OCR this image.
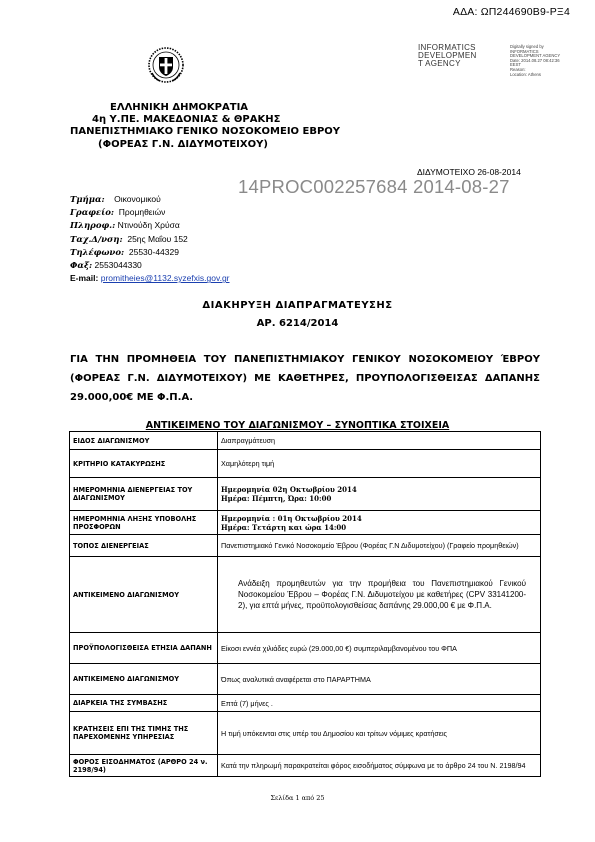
ΑΔΑ: ΩΠ244690Β9-ΡΞ4
INFORMATICS
DEVELOPMEN
T AGENCY
Digitally signed by
INFORMATICS
DEVELOPMENT AGENCY
Date: 2014.08.27 08:42:36
EEST
Reason:
Location: Athens
ΕΛΛΗΝΙΚΗ ΔΗΜΟΚΡΑΤΙΑ
4η Υ.ΠΕ. ΜΑΚΕΔΟΝΙΑΣ & ΘΡΑΚΗΣ
ΠΑΝΕΠΙΣΤΗΜΙΑΚΟ ΓΕΝΙΚΟ ΝΟΣΟΚΟΜΕΙΟ ΕΒΡΟΥ
(ΦΟΡΕΑΣ Γ.Ν. ΔΙΔΥΜΟΤΕΙΧΟΥ)
ΔΙΔΥΜΟΤΕΙΧΟ 26-08-2014
14PROC002257684 2014-08-27
Τμήμα: Οικονομικού
Γραφείο: Προμηθειών
Πληροφ.: Ντινούδη Χρύσα
Ταχ.Δ/νση: 25ης Μαΐου 152
Τηλέφωνο: 25530-44329
Φαξ: 2553044330
E-mail: promitheies@1132.syzefxis.gov.gr
ΔΙΑΚΗΡΥΞΗ ΔΙΑΠΡΑΓΜΑΤΕΥΣΗΣ
ΑΡ. 6214/2014
ΓΙΑ ΤΗΝ ΠΡΟΜΗΘΕΙΑ ΤΟΥ ΠΑΝΕΠΙΣΤΗΜΙΑΚΟΥ ΓΕΝΙΚΟΥ ΝΟΣΟΚΟΜΕΙΟΥ ΈΒΡΟΥ (ΦΟΡΕΑΣ Γ.Ν. ΔΙΔΥΜΟΤΕΙΧΟΥ) ΜΕ ΚΑΘΕΤΗΡΕΣ, ΠΡΟΥΠΟΛΟΓΙΣΘΕΙΣΑΣ ΔΑΠΑΝΗΣ 29.000,00€ ΜΕ Φ.Π.Α.
ΑΝΤΙΚΕΙΜΕΝΟ ΤΟΥ ΔΙΑΓΩΝΙΣΜΟΥ – ΣΥΝΟΠΤΙΚΑ ΣΤΟΙΧΕΙΑ
ΕΙΔΟΣ ΔΙΑΓΩΝΙΣΜΟΥ	Διαπραγμάτευση
ΚΡΙΤΗΡΙΟ ΚΑΤΑΚΥΡΩΣΗΣ	Χαμηλότερη τιμή
ΗΜΕΡΟΜΗΝΙΑ ΔΙΕΝΕΡΓΕΙΑΣ ΤΟΥ ΔΙΑΓΩΝΙΣΜΟΥ	Ημερομηνία 02η Οκτωβρίου 2014
Ημέρα: Πέμπτη, Ώρα: 10:00

ΗΜΕΡΟΜΗΝΙΑ ΛΗΞΗΣ ΥΠΟΒΟΛΗΣ ΠΡΟΣΦΟΡΩΝ	Ημερομηνία : 01η Οκτωβρίου 2014
Ημέρα: Τετάρτη και ώρα 14:00

ΤΟΠΟΣ ΔΙΕΝΕΡΓΕΙΑΣ	Πανεπιστημιακό Γενικό Νοσοκομείο Έβρου (Φορέας Γ.Ν Διδυμοτείχου) (Γραφείο προμηθειών)
ΑΝΤΙΚΕΙΜΕΝΟ ΔΙΑΓΩΝΙΣΜΟΥ	Ανάδειξη προμηθευτών για την προμήθεια του Πανεπιστημιακού Γενικού Νοσοκομείου Έβρου – Φορέας Γ.Ν. Διδυμοτείχου με καθετήρες (CPV 33141200-2), για επτά μήνες, προϋπολογισθείσας δαπάνης 29.000,00 € με Φ.Π.Α.
ΠΡΟΫΠΟΛΟΓΙΣΘΕΙΣΑ ΕΤΗΣΙΑ ΔΑΠΑΝΗ	Είκοσι εννέα χιλιάδες ευρώ (29.000,00 €) συμπεριλαμβανομένου του ΦΠΑ
ΑΝΤΙΚΕΙΜΕΝΟ ΔΙΑΓΩΝΙΣΜΟΥ	Όπως αναλυτικά αναφέρεται στο ΠΑΡΑΡΤΗΜΑ
ΔΙΑΡΚΕΙΑ ΤΗΣ ΣΥΜΒΑΣΗΣ	Επτά (7) μήνες .
ΚΡΑΤΗΣΕΙΣ ΕΠΙ ΤΗΣ ΤΙΜΗΣ ΤΗΣ ΠΑΡΕΧΟΜΕΝΗΣ ΥΠΗΡΕΣΙΑΣ	Η τιμή υπόκεινται στις υπέρ του Δημοσίου και τρίτων νόμιμες κρατήσεις
ΦΟΡΟΣ ΕΙΣΟΔΗΜΑΤΟΣ (ΑΡΘΡΟ 24 ν. 2198/94)	Κατά την πληρωμή παρακρατείται φόρος εισοδήματος σύμφωνα με το άρθρο 24 του Ν. 2198/94
Σελίδα 1 από 25
